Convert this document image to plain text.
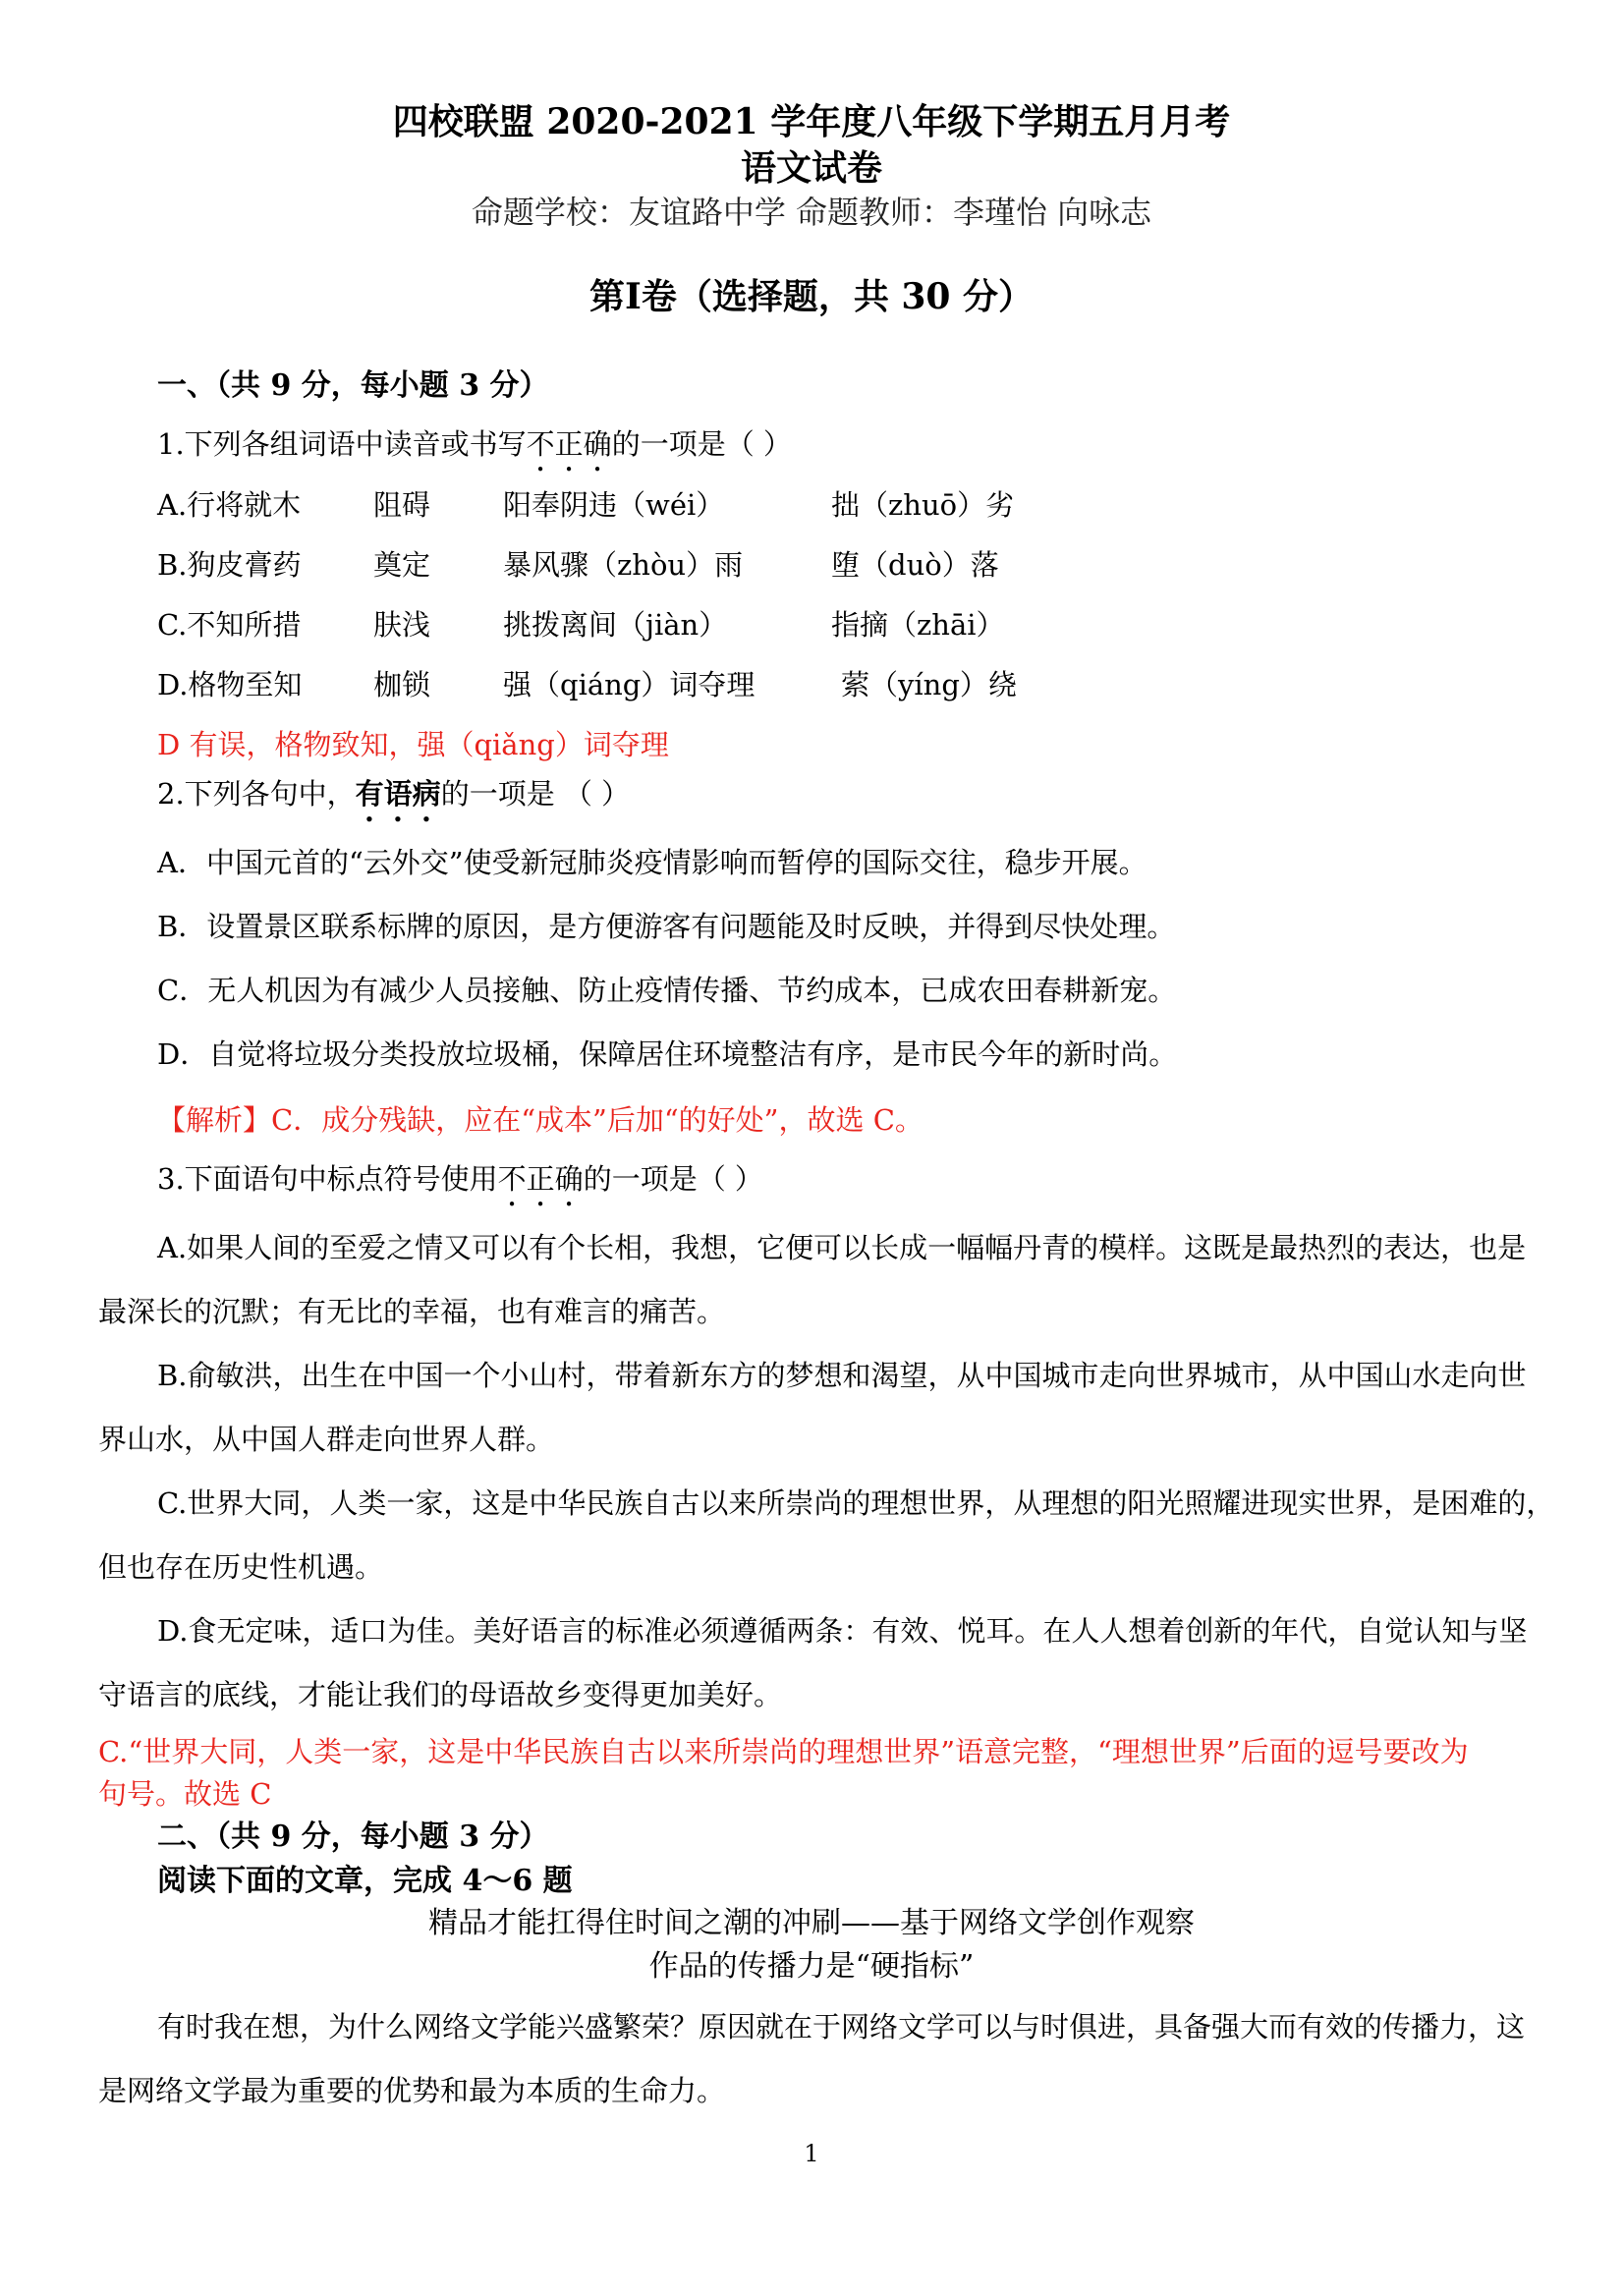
四校联盟 2020-2021 学年度八年级下学期五月月考
语文试卷
命题学校：友谊路中学 命题教师：李瑾怡 向咏志
第Ⅰ卷（选择题，共 30 分）
一、（共 9 分，每小题 3 分）
1.下列各组词语中读音或书写不正确的一项是（ ）
A.行将就木	阻碍	阳奉阴违（wéi）	拙（zhuō）劣
B.狗皮膏药	奠定	暴风骤（zhòu）雨	堕（duò）落
C.不知所措	肤浅	挑拨离间（jiàn）	指摘（zhāi）
D.格物至知	枷锁	强（qiáng）词夺理	萦（yíng）绕
D 有误，格物致知，强（qiǎng）词夺理
2.下列各句中，有语病的一项是 （ ）
A．中国元首的“云外交”使受新冠肺炎疫情影响而暂停的国际交往，稳步开展。
B．设置景区联系标牌的原因，是方便游客有问题能及时反映，并得到尽快处理。
C．无人机因为有减少人员接触、防止疫情传播、节约成本，已成农田春耕新宠。
D．自觉将垃圾分类投放垃圾桶，保障居住环境整洁有序，是市民今年的新时尚。
【解析】C．成分残缺，应在“成本”后加“的好处”，故选 C。
3.下面语句中标点符号使用不正确的一项是（ ）
A.如果人间的至爱之情又可以有个长相，我想，它便可以长成一幅幅丹青的模样。这既是最热烈的表达，也是
最深长的沉默；有无比的幸福，也有难言的痛苦。
B.俞敏洪，出生在中国一个小山村，带着新东方的梦想和渴望，从中国城市走向世界城市，从中国山水走向世
界山水，从中国人群走向世界人群。
C.世界大同，人类一家，这是中华民族自古以来所崇尚的理想世界，从理想的阳光照耀进现实世界，是困难的，
但也存在历史性机遇。
D.食无定味，适口为佳。美好语言的标准必须遵循两条：有效、悦耳。在人人想着创新的年代，自觉认知与坚
守语言的底线，才能让我们的母语故乡变得更加美好。
C.“世界大同，人类一家，这是中华民族自古以来所崇尚的理想世界”语意完整，“理想世界”后面的逗号要改为
句号。故选 C
二、（共 9 分，每小题 3 分）
阅读下面的文章，完成 4～6 题
精品才能扛得住时间之潮的冲刷——基于网络文学创作观察
作品的传播力是“硬指标”
有时我在想，为什么网络文学能兴盛繁荣？原因就在于网络文学可以与时俱进，具备强大而有效的传播力，这
是网络文学最为重要的优势和最为本质的生命力。
1
